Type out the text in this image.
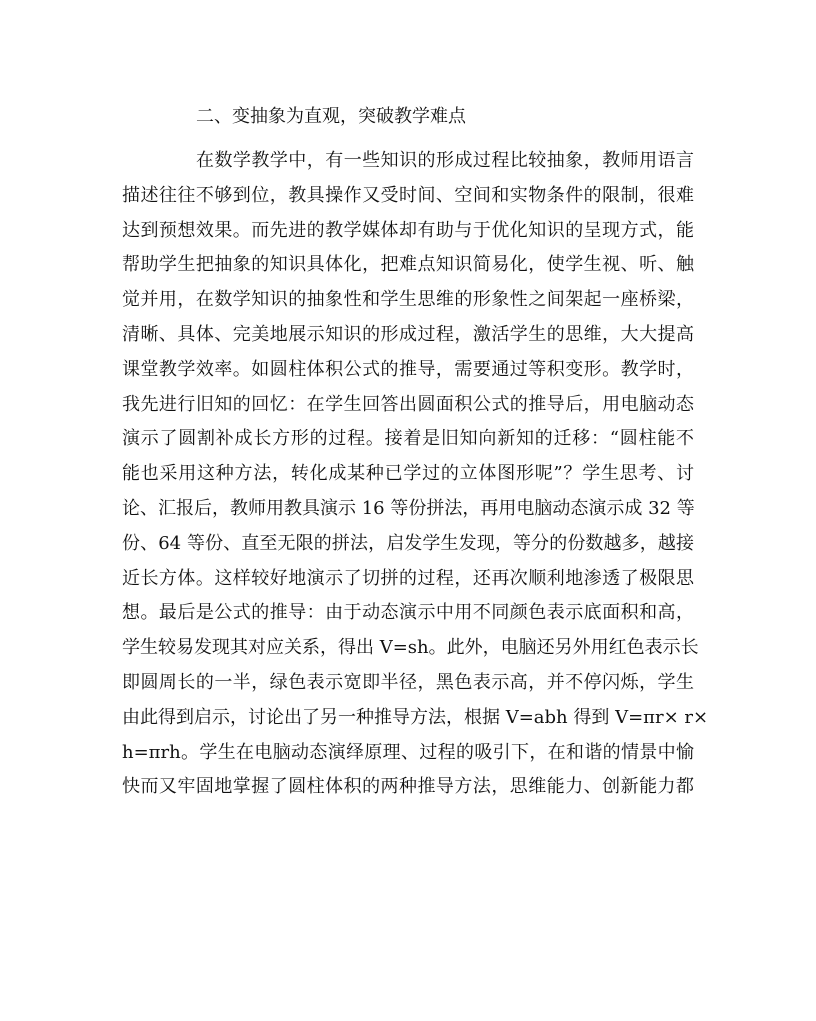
二、变抽象为直观，突破教学难点
在数学教学中，有一些知识的形成过程比较抽象，教师用语言
描述往往不够到位，教具操作又受时间、空间和实物条件的限制，很难
达到预想效果。而先进的教学媒体却有助与于优化知识的呈现方式，能
帮助学生把抽象的知识具体化，把难点知识简易化，使学生视、听、触
觉并用，在数学知识的抽象性和学生思维的形象性之间架起一座桥梁，
清晰、具体、完美地展示知识的形成过程，激活学生的思维，大大提高
课堂教学效率。如圆柱体积公式的推导，需要通过等积变形。教学时，
我先进行旧知的回忆：在学生回答出圆面积公式的推导后，用电脑动态
演示了圆割补成长方形的过程。接着是旧知向新知的迁移：“圆柱能不
能也采用这种方法，转化成某种已学过的立体图形呢”？学生思考、讨
论、汇报后，教师用教具演示 16 等份拼法，再用电脑动态演示成 32 等
份、64 等份、直至无限的拼法，启发学生发现，等分的份数越多，越接
近长方体。这样较好地演示了切拼的过程，还再次顺利地渗透了极限思
想。最后是公式的推导：由于动态演示中用不同颜色表示底面积和高，
学生较易发现其对应关系，得出 V=sh。此外，电脑还另外用红色表示长
即圆周长的一半，绿色表示宽即半径，黑色表示高，并不停闪烁，学生
由此得到启示，讨论出了另一种推导方法，根据 V=abh 得到 V=πr× r×
h=πrh。学生在电脑动态演绎原理、过程的吸引下，在和谐的情景中愉
快而又牢固地掌握了圆柱体积的两种推导方法，思维能力、创新能力都
